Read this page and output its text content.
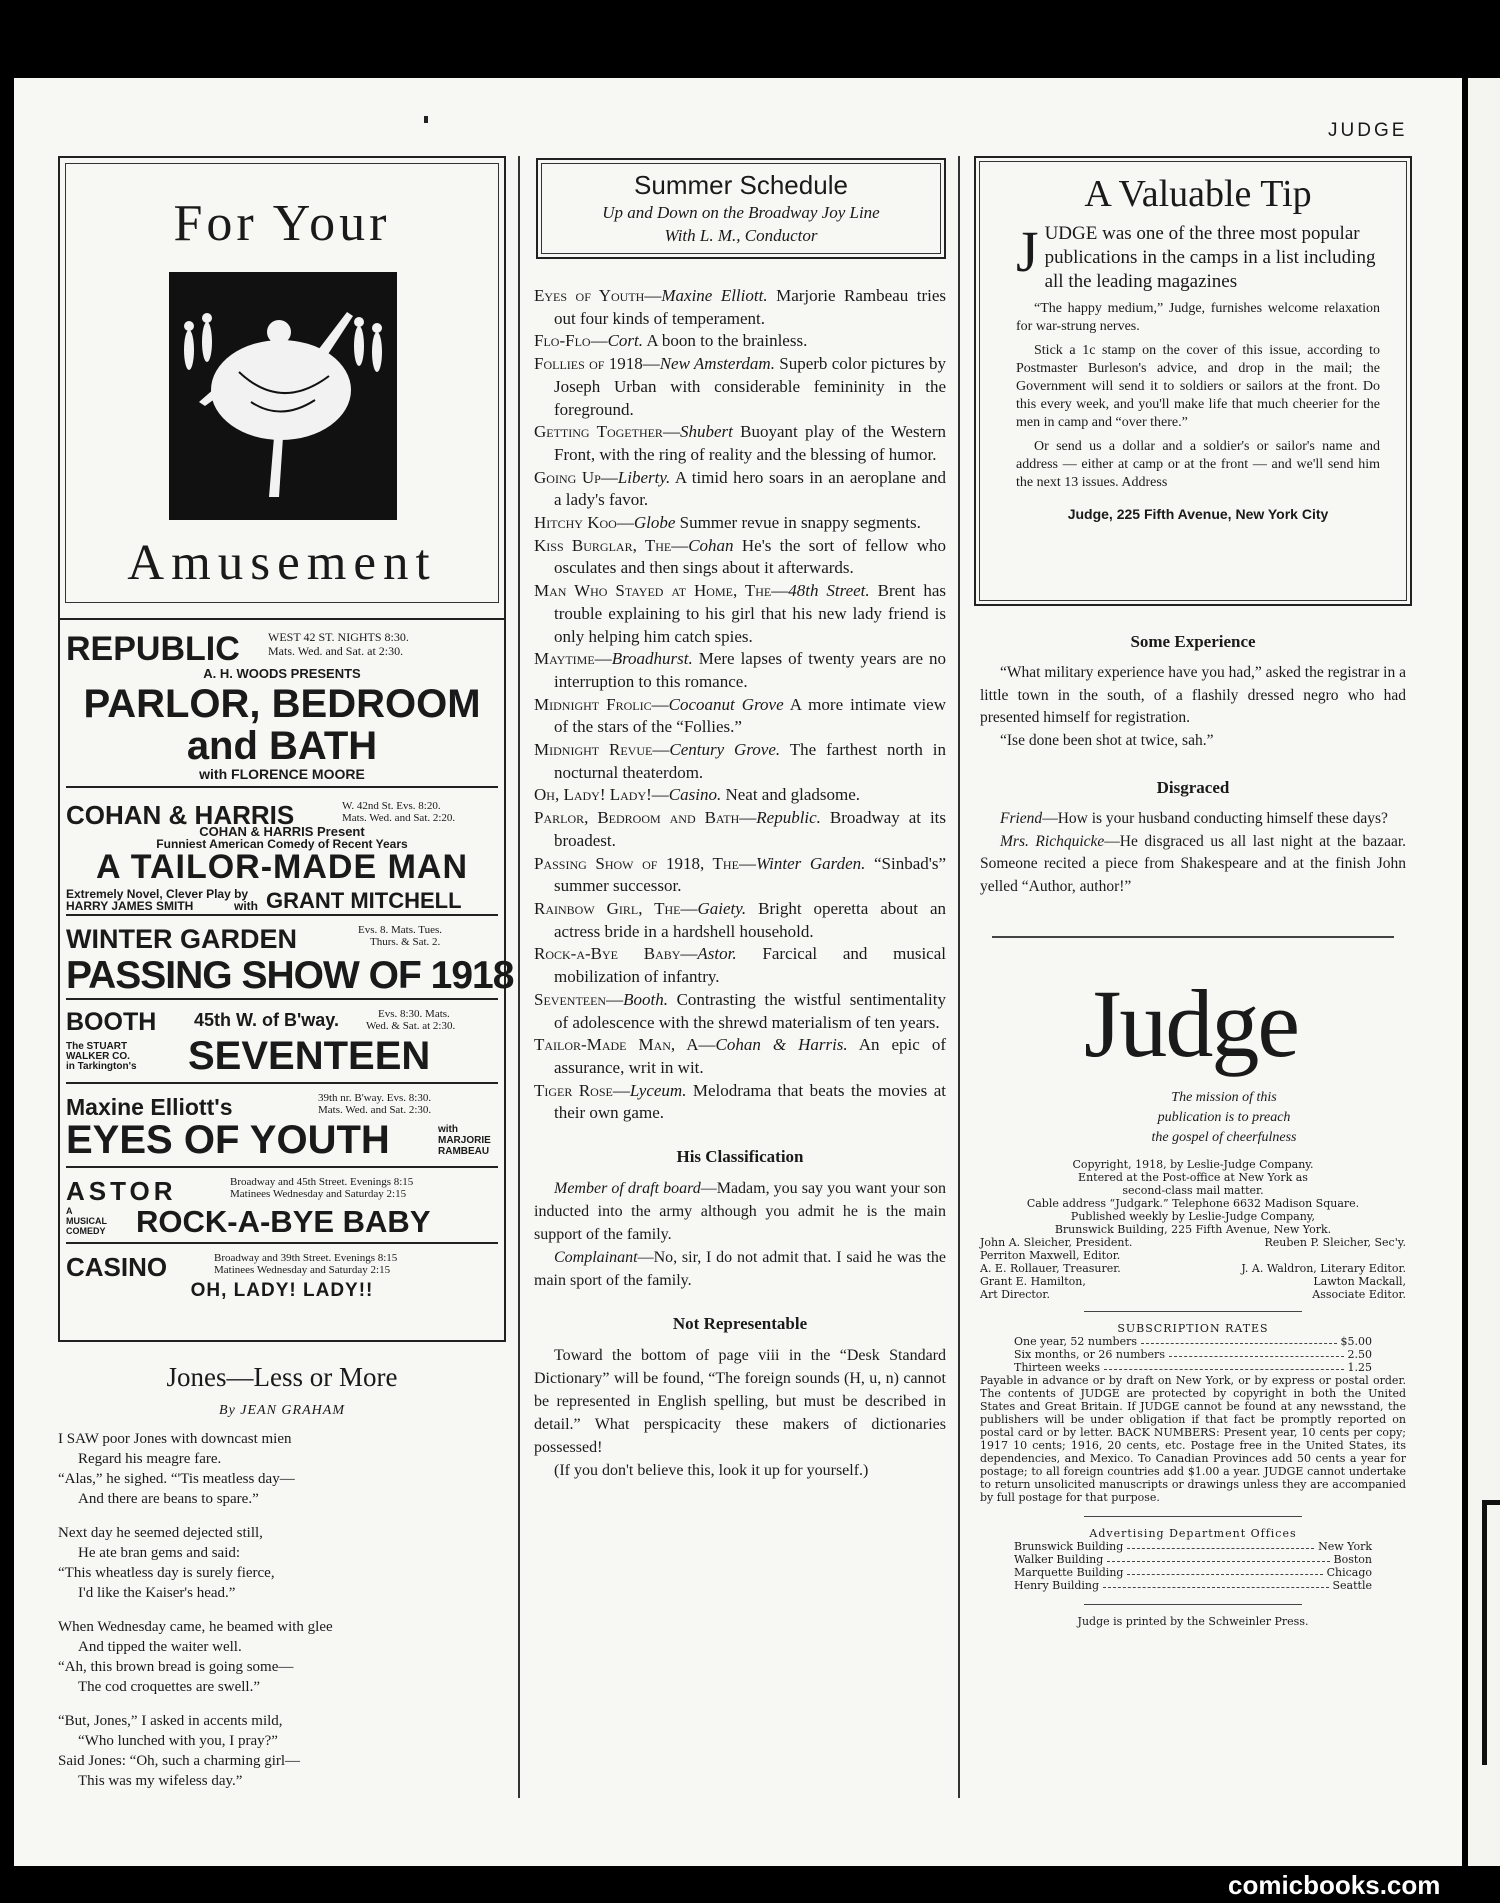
JUDGE
For Your
Amusement
REPUBLIC WEST 42 ST. NIGHTS 8:30.
Mats. Wed. and Sat. at 2:30.
A. H. WOODS PRESENTS
PARLOR, BEDROOM
and BATH
with FLORENCE MOORE
COHAN & HARRIS	W. 42nd St. Evs. 8:20.
Mats. Wed. and Sat. 2:20.
COHAN & HARRIS Present
Funniest American Comedy of Recent Years
A TAILOR-MADE MAN
Extremely Novel, Clever Play by
HARRY JAMES SMITH	with GRANT MITCHELL
WINTER GARDEN	Evs. 8. Mats. Tues.
Thurs. & Sat. 2.
PASSING SHOW OF 1918
BOOTH 45th W. of B'way.	Evs. 8:30. Mats.
Wed. & Sat. at 2:30.
The STUART
WALKER CO.
in Tarkington's SEVENTEEN
Maxine Elliott's	39th nr. B'way. Evs. 8:30.
Mats. Wed. and Sat. 2:30.
EYES OF YOUTH	with
MARJORIE
RAMBEAU
ASTOR	Broadway and 45th Street. Evenings 8:15
Matinees Wednesday and Saturday 2:15
A
MUSICAL
COMEDY ROCK-A-BYE BABY
CASINO	Broadway and 39th Street. Evenings 8:15
Matinees Wednesday and Saturday 2:15
OH, LADY! LADY!!
Jones—Less or More
By JEAN GRAHAM

I SAW poor Jones with downcast mien
Regard his meagre fare.
“Alas,” he sighed. “'Tis meatless day—
And there are beans to spare.”

Next day he seemed dejected still,
He ate bran gems and said:
“This wheatless day is surely fierce,
I'd like the Kaiser's head.”

When Wednesday came, he beamed with glee
And tipped the waiter well.
“Ah, this brown bread is going some—
The cod croquettes are swell.”

“But, Jones,” I asked in accents mild,
“Who lunched with you, I pray?”
Said Jones: “Oh, such a charming girl—
This was my wifeless day.”

Summer Schedule
Up and Down on the Broadway Joy Line
With L. M., Conductor
Eyes of Youth—Maxine Elliott. Marjorie Rambeau tries out four kinds of temperament.
Flo-Flo—Cort. A boon to the brainless.
Follies of 1918—New Amsterdam. Superb color pictures by Joseph Urban with considerable femininity in the foreground.
Getting Together—Shubert Buoyant play of the Western Front, with the ring of reality and the blessing of humor.
Going Up—Liberty. A timid hero soars in an aeroplane and a lady's favor.
Hitchy Koo—Globe Summer revue in snappy segments.
Kiss Burglar, The—Cohan He's the sort of fellow who osculates and then sings about it afterwards.
Man Who Stayed at Home, The—48th Street. Brent has trouble explaining to his girl that his new lady friend is only helping him catch spies.
Maytime—Broadhurst. Mere lapses of twenty years are no interruption to this romance.
Midnight Frolic—Cocoanut Grove A more intimate view of the stars of the “Follies.”
Midnight Revue—Century Grove. The farthest north in nocturnal theaterdom.
Oh, Lady! Lady!—Casino. Neat and gladsome.
Parlor, Bedroom and Bath—Republic. Broadway at its broadest.
Passing Show of 1918, The—Winter Garden. “Sinbad's” summer successor.
Rainbow Girl, The—Gaiety. Bright operetta about an actress bride in a hardshell household.
Rock-a-Bye Baby—Astor. Farcical and musical mobilization of infantry.
Seventeen—Booth. Contrasting the wistful sentimentality of adolescence with the shrewd materialism of ten years.
Tailor-Made Man, A—Cohan & Harris. An epic of assurance, writ in wit.
Tiger Rose—Lyceum. Melodrama that beats the movies at their own game.
His Classification

Member of draft board—Madam, you say you want your son inducted into the army although you admit he is the main support of the family.

Complainant—No, sir, I do not admit that. I said he was the main sport of the family.

Not Representable

Toward the bottom of page viii in the “Desk Standard Dictionary” will be found, “The foreign sounds (H, u, n) cannot be represented in English spelling, but must be described in detail.” What perspicacity these makers of dictionaries possessed!

(If you don't believe this, look it up for yourself.)

A Valuable Tip

JUDGE was one of the three most popular publications in the camps in a list including all the leading magazines

“The happy medium,” Judge, furnishes welcome relaxation for war-strung nerves.

Stick a 1c stamp on the cover of this issue, according to Postmaster Burleson's advice, and drop in the mail; the Government will send it to soldiers or sailors at the front. Do this every week, and you'll make life that much cheerier for the men in camp and “over there.”

Or send us a dollar and a soldier's or sailor's name and address — either at camp or at the front — and we'll send him the next 13 issues. Address

Judge, 225 Fifth Avenue, New York City
Some Experience

“What military experience have you had,” asked the registrar in a little town in the south, of a flashily dressed negro who had presented himself for registration.

“Ise done been shot at twice, sah.”

Disgraced

Friend—How is your husband conducting himself these days?

Mrs. Richquicke—He disgraced us all last night at the bazaar. Someone recited a piece from Shakespeare and at the finish John yelled “Author, author!”

Judge
The mission of this
publication is to preach
the gospel of cheerfulness
Copyright, 1918, by Leslie-Judge Company.
Entered at the Post-office at New York as
second-class mail matter.
Cable address “Judgark.” Telephone 6632 Madison Square.
Published weekly by Leslie-Judge Company,
Brunswick Building, 225 Fifth Avenue, New York.
John A. Sleicher, President.	Reuben P. Sleicher, Sec'y.
Perriton Maxwell, Editor.
A. E. Rollauer, Treasurer.	J. A. Waldron, Literary Editor.
Grant E. Hamilton,	Lawton Mackall,
Art Director.	Associate Editor.
SUBSCRIPTION RATES
One year, 52 numbers	$5.00
Six months, or 26 numbers	2.50
Thirteen weeks	1.25
Payable in advance or by draft on New York, or by express or postal order. The contents of JUDGE are protected by copyright in both the United States and Great Britain. If JUDGE cannot be found at any newsstand, the publishers will be under obligation if that fact be promptly reported on postal card or by letter. BACK NUMBERS: Present year, 10 cents per copy; 1917 10 cents; 1916, 20 cents, etc. Postage free in the United States, its dependencies, and Mexico. To Canadian Provinces add 50 cents a year for postage; to all foreign countries add $1.00 a year. JUDGE cannot undertake to return unsolicited manuscripts or drawings unless they are accompanied by full postage for that purpose.
Advertising Department Offices
Brunswick Building	New York
Walker Building	Boston
Marquette Building	Chicago
Henry Building	Seattle
Judge is printed by the Schweinler Press.
comicbooks.com
